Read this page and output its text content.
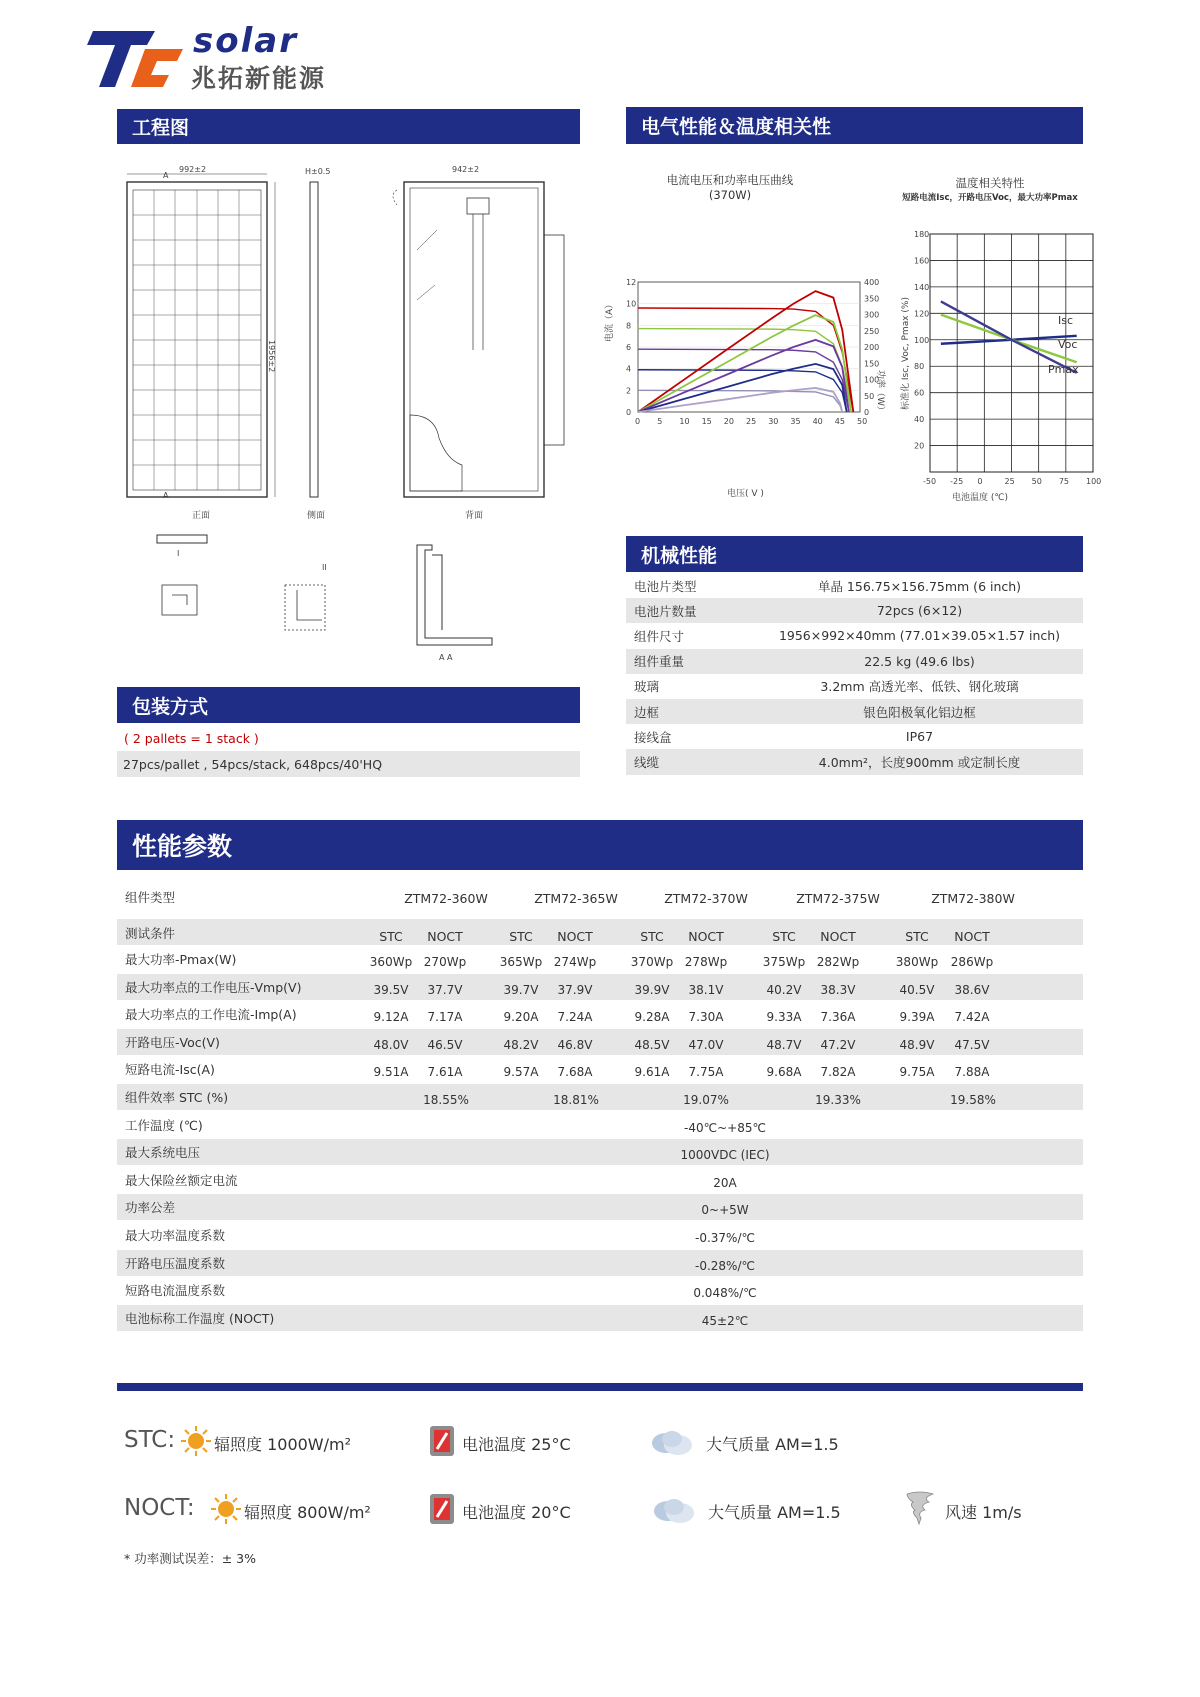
solar
兆拓新能源
工程图	电气性能＆温度相关性
992±2
1956±2
A
A
H±0.5	942±2
正面	侧面	背面
I
II
A A
电流电压和功率电压曲线
(370W)
0 5 10 15 20 25 30 35 40 45 50
0
2
4
6
8
10
12
0
50
100
150
200
250
300
350
400
电流（A）
功率（W）
电压( V )
温度相关特性
短路电流Isc，开路电压Voc，最大功率Pmax
-50 -25 0	25 50 75 100
20
40
60
80
100
120
140
160
180
Isc
Voc
Pmax
标准化 Isc, Voc, Pmax (%)
电池温度 (℃)
包装方式
( 2 pallets = 1 stack )
27pcs/pallet , 54pcs/stack, 648pcs/40'HQ
机械性能
电池片类型	单晶 156.75×156.75mm (6 inch)
电池片数量	72pcs (6×12)
组件尺寸	1956×992×40mm (77.01×39.05×1.57 inch)
组件重量	22.5 kg (49.6 lbs)
玻璃	3.2mm 高透光率、低铁、钢化玻璃
边框	银色阳极氧化铝边框
接线盒	IP67
线缆	4.0mm²，长度900mm 或定制长度
性能参数
组件类型	ZTM72-360W	ZTM72-365W	ZTM72-370W	ZTM72-375W	ZTM72-380W
测试条件	STC	NOCT	STC	NOCT	STC	NOCT	STC	NOCT	STC	NOCT
最大功率-Pmax(W)	360Wp 270Wp	365Wp 274Wp	370Wp 278Wp	375Wp 282Wp	380Wp	286Wp
最大功率点的工作电压-Vmp(V)	39.5V	37.7V	39.7V	37.9V	39.9V	38.1V	40.2V	38.3V	40.5V	38.6V
最大功率点的工作电流-Imp(A)	9.12A	7.17A	9.20A	7.24A	9.28A	7.30A	9.33A	7.36A	9.39A	7.42A
开路电压-Voc(V)	48.0V	46.5V	48.2V	46.8V	48.5V	47.0V	48.7V	47.2V	48.9V	47.5V
短路电流-Isc(A)	9.51A	7.61A	9.57A	7.68A	9.61A	7.75A	9.68A	7.82A	9.75A	7.88A
组件效率 STC (%)	18.55%	18.81%	19.07%	19.33%	19.58%
工作温度 (℃)	-40℃~+85℃
最大系统电压	1000VDC (IEC)
最大保险丝额定电流	20A
功率公差	0~+5W
最大功率温度系数	-0.37%/℃
开路电压温度系数	-0.28%/℃
短路电流温度系数	0.048%/℃
电池标称工作温度 (NOCT)	45±2℃
STC: 辐照度 1000W/m²	电池温度 25°C	大气质量 AM=1.5
NOCT:	辐照度 800W/m²	电池温度 20°C	大气质量 AM=1.5	风速 1m/s
* 功率测试误差：± 3%
